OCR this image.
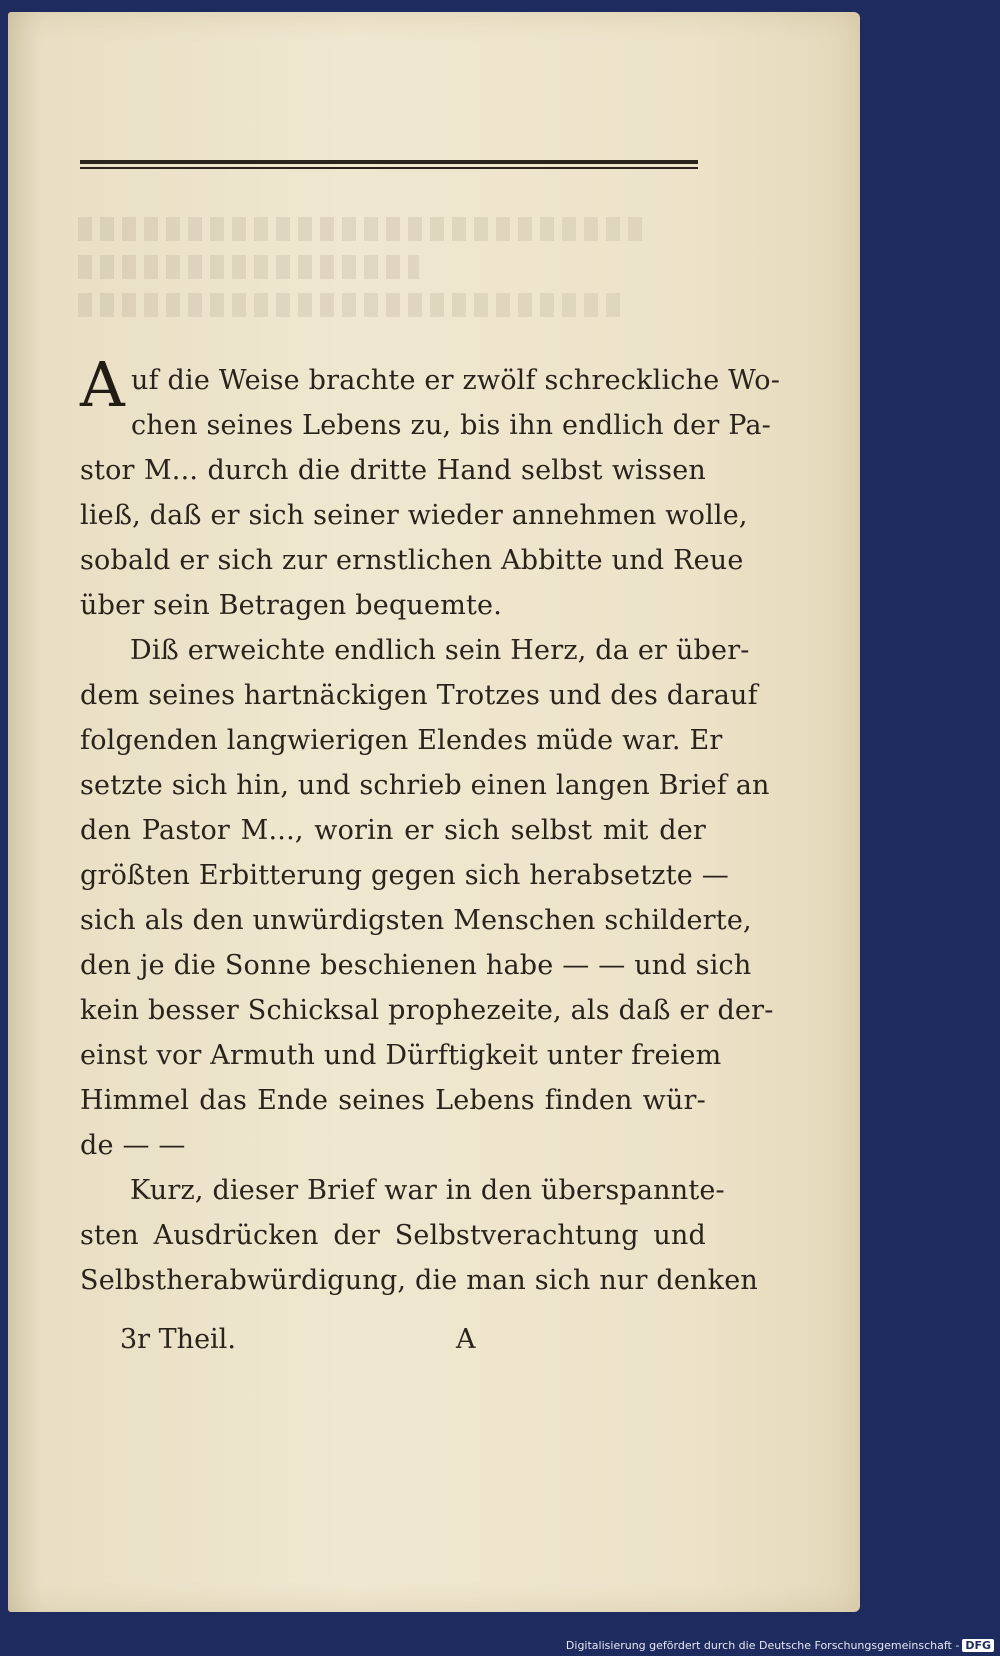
Auf die Weise brachte er zwölf schreckliche Wo-
chen seines Lebens zu, bis ihn endlich der Pa-
stor M... durch die dritte Hand selbst wissen
ließ, daß er sich seiner wieder annehmen wolle,
sobald er sich zur ernstlichen Abbitte und Reue
über sein Betragen bequemte.
Diß erweichte endlich sein Herz, da er über-
dem seines hartnäckigen Trotzes und des darauf
folgenden langwierigen Elendes müde war. Er
setzte sich hin, und schrieb einen langen Brief an
den Pastor M..., worin er sich selbst mit der
größten Erbitterung gegen sich herabsetzte —
sich als den unwürdigsten Menschen schilderte,
den je die Sonne beschienen habe — — und sich
kein besser Schicksal prophezeite, als daß er der-
einst vor Armuth und Dürftigkeit unter freiem
Himmel das Ende seines Lebens finden wür-
de — —
Kurz, dieser Brief war in den überspannte-
sten Ausdrücken der Selbstverachtung und
Selbstherabwürdigung, die man sich nur denken
3r Theil.	A
Digitalisierung gefördert durch die Deutsche Forschungsgemeinschaft - DFG
